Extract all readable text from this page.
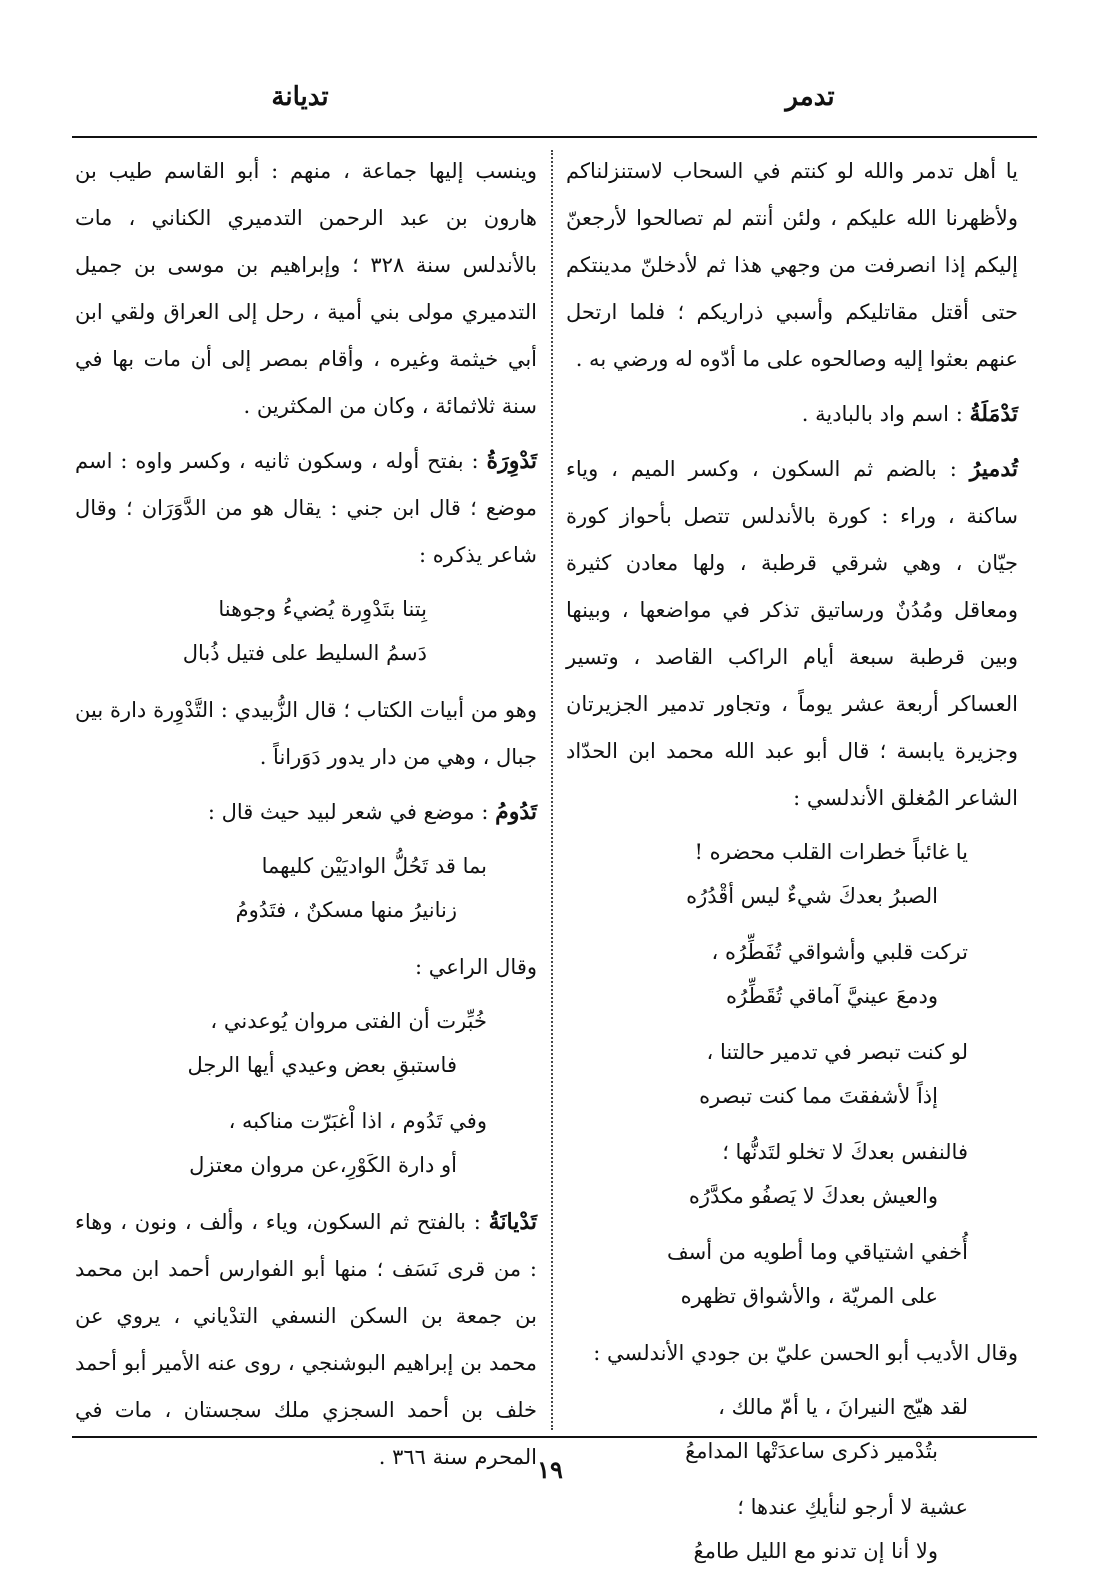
تدمر
تديانة

يا أهل تدمر والله لو كنتم في السحاب لاستنزلناكم ولأظهرنا الله عليكم ، ولئن أنتم لم تصالحوا لأرجعنّ إليكم إذا انصرفت من وجهي هذا ثم لأدخلنّ مدينتكم حتى أقتل مقاتليكم وأسبي ذراريكم ؛ فلما ارتحل عنهم بعثوا إليه وصالحوه على ما أدّوه له ورضي به .

تَدْمَلَةُ : اسم واد بالبادية .

تُدميرُ : بالضم ثم السكون ، وكسر الميم ، وياء ساكنة ، وراء : كورة بالأندلس تتصل بأحواز كورة جيّان ، وهي شرقي قرطبة ، ولها معادن كثيرة ومعاقل ومُدُنٌ ورساتيق تذكر في مواضعها ، وبينها وبين قرطبة سبعة أيام الراكب القاصد ، وتسير العساكر أربعة عشر يوماً ، وتجاور تدمير الجزيرتان وجزيرة يابسة ؛ قال أبو عبد الله محمد ابن الحدّاد الشاعر المُغلق الأندلسي :

يا غائباً خطرات القلب محضره !
الصبرُ بعدكَ شيءٌ ليس أقْدُرُه
تركت قلبي وأشواقي تُفَطِّرُه ،
ودمعَ عينيَّ آماقي تُقَطِّرُه
لو كنت تبصر في تدمير حالتنا ،
إذاً لأشفقتَ مما كنت تبصره
فالنفس بعدكَ لا تخلو لتَدنُّها ؛
والعيش بعدكَ لا يَصفُو مكدَّرُه
أُخفي اشتياقي وما أطويه من أسف
على المريّة ، والأشواق تظهره

وقال الأديب أبو الحسن عليّ بن جودي الأندلسي :

لقد هيّج النيرانَ ، يا أمّ مالك ،
بتُدْمير ذكرى ساعدَتْها المدامعُ
عشية لا أرجو لنأيكِ عندها ؛
ولا أنا إن تدنو مع الليل طامعُ

وينسب إليها جماعة ، منهم : أبو القاسم طيب بن هارون بن عبد الرحمن التدميري الكناني ، مات بالأندلس سنة ٣٢٨ ؛ وإبراهيم بن موسى بن جميل التدميري مولى بني أمية ، رحل إلى العراق ولقي ابن أبي خيثمة وغيره ، وأقام بمصر إلى أن مات بها في سنة ثلاثمائة ، وكان من المكثرين .

تَدْوِرَةُ : بفتح أوله ، وسكون ثانيه ، وكسر واوه : اسم موضع ؛ قال ابن جني : يقال هو من الدَّوَرَان ؛ وقال شاعر يذكره :

بِتنا بتَدْوِرة يُضيءُ وجوهنا
دَسمُ السليط على فتيل ذُبال

وهو من أبيات الكتاب ؛ قال الزُّبيدي : التَّدْوِرة دارة بين جبال ، وهي من دار يدور دَوَراناً .

تَدُومُ : موضع في شعر لبيد حيث قال :

بما قد تَحُلُّ الواديَيْن كليهما
زنانيرُ منها مسكنٌ ، فتَدُومُ

وقال الراعي :

خُبِّرت أن الفتى مروان يُوعدني ،
فاستبقِ بعض وعيدي أيها الرجل
وفي تَدُوم ، اذا اْغبَرّت مناكبه ،
أو دارة الكَوْرِ،عن مروان معتزل

تَدْيانَةُ : بالفتح ثم السكون، وياء ، وألف ، ونون ، وهاء : من قرى نَسَف ؛ منها أبو الفوارس أحمد ابن محمد بن جمعة بن السكن النسفي التدْياني ، يروي عن محمد بن إبراهيم البوشنجي ، روى عنه الأمير أبو أحمد خلف بن أحمد السجزي ملك سجستان ، مات في المحرم سنة ٣٦٦ . ١٩
